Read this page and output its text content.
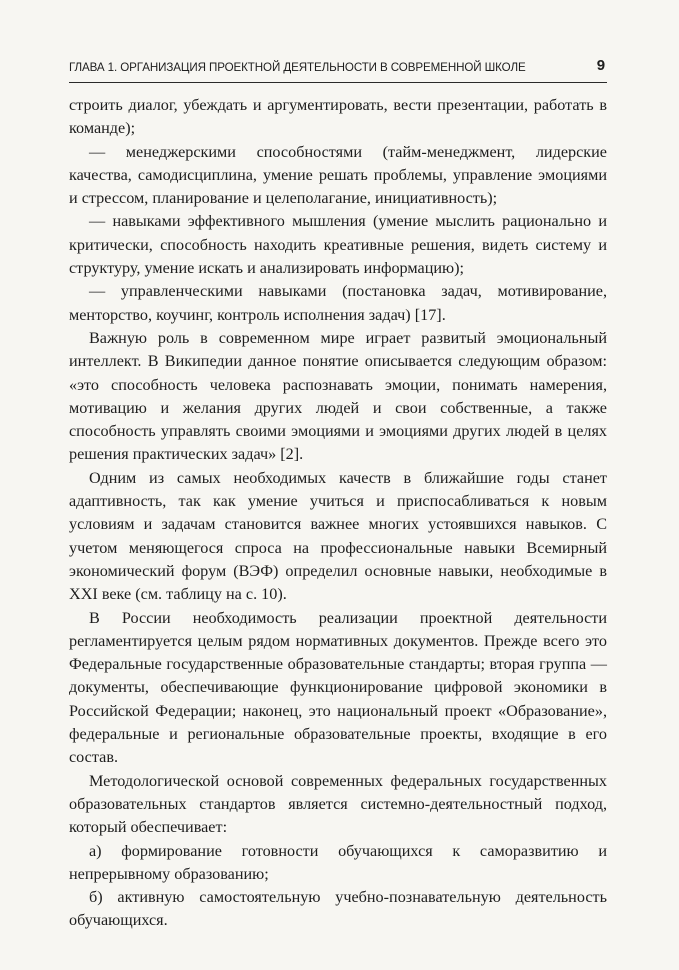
ГЛАВА 1. ОРГАНИЗАЦИЯ ПРОЕКТНОЙ ДЕЯТЕЛЬНОСТИ В СОВРЕМЕННОЙ ШКОЛЕ	9

строить диалог, убеждать и аргументировать, вести презентации, работать в команде);

— менеджерскими способностями (тайм-менеджмент, лидерские качества, самодисциплина, умение решать проблемы, управление эмоциями и стрессом, планирование и целеполагание, инициативность);

— навыками эффективного мышления (умение мыслить рационально и критически, способность находить креативные решения, видеть систему и структуру, умение искать и анализировать информацию);

— управленческими навыками (постановка задач, мотивирование, менторство, коучинг, контроль исполнения задач) [17].

Важную роль в современном мире играет развитый эмоциональный интеллект. В Википедии данное понятие описывается следующим образом: «это способность человека распознавать эмоции, понимать намерения, мотивацию и желания других людей и свои собственные, а также способность управлять своими эмоциями и эмоциями других людей в целях решения практических задач» [2].

Одним из самых необходимых качеств в ближайшие годы станет адаптивность, так как умение учиться и приспосабливаться к новым условиям и задачам становится важнее многих устоявшихся навыков. С учетом меняющегося спроса на профессиональные навыки Всемирный экономический форум (ВЭФ) определил основные навыки, необходимые в XXI веке (см. таблицу на с. 10).

В России необходимость реализации проектной деятельности регламентируется целым рядом нормативных документов. Прежде всего это Федеральные государственные образовательные стандарты; вторая группа — документы, обеспечивающие функционирование цифровой экономики в Российской Федерации; наконец, это национальный проект «Образование», федеральные и региональные образовательные проекты, входящие в его состав.

Методологической основой современных федеральных государственных образовательных стандартов является системно-деятельностный подход, который обеспечивает:

а) формирование готовности обучающихся к саморазвитию и непрерывному образованию;

б) активную самостоятельную учебно-познавательную деятельность обучающихся.
